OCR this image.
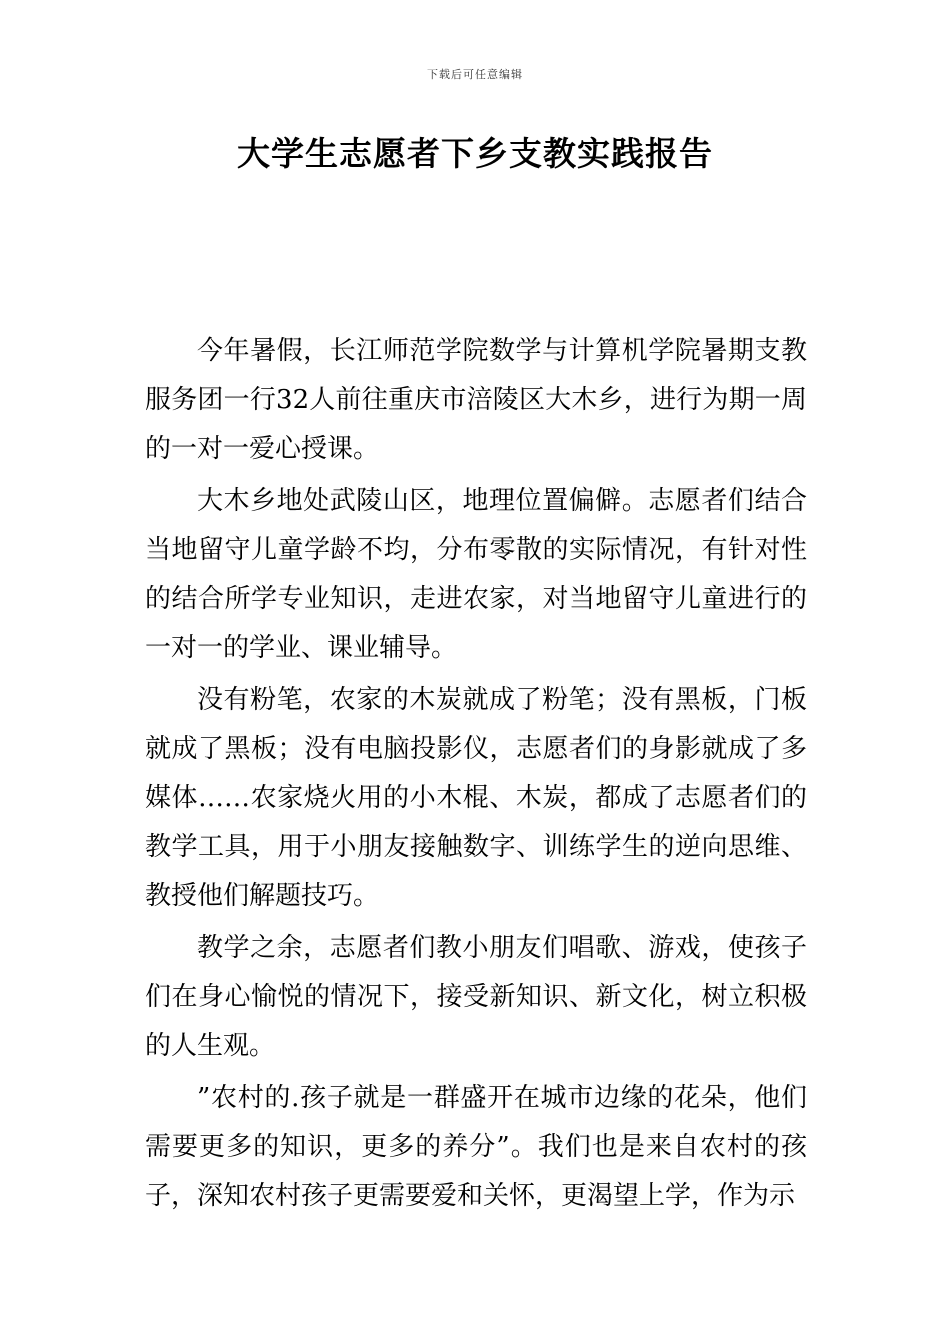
下载后可任意编辑
大学生志愿者下乡支教实践报告

今年暑假，长江师范学院数学与计算机学院暑期支教服务团一行32人前往重庆市涪陵区大木乡，进行为期一周的一对一爱心授课。

大木乡地处武陵山区，地理位置偏僻。志愿者们结合当地留守儿童学龄不均，分布零散的实际情况，有针对性的结合所学专业知识，走进农家，对当地留守儿童进行的一对一的学业、课业辅导。

没有粉笔，农家的木炭就成了粉笔；没有黑板，门板就成了黑板；没有电脑投影仪，志愿者们的身影就成了多媒体……农家烧火用的小木棍、木炭，都成了志愿者们的教学工具，用于小朋友接触数字、训练学生的逆向思维、教授他们解题技巧。

教学之余，志愿者们教小朋友们唱歌、游戏，使孩子们在身心愉悦的情况下，接受新知识、新文化，树立积极的人生观。

”农村的.孩子就是一群盛开在城市边缘的花朵，他们需要更多的知识，更多的养分”。我们也是来自农村的孩子，深知农村孩子更需要爱和关怀，更渴望上学，作为示
